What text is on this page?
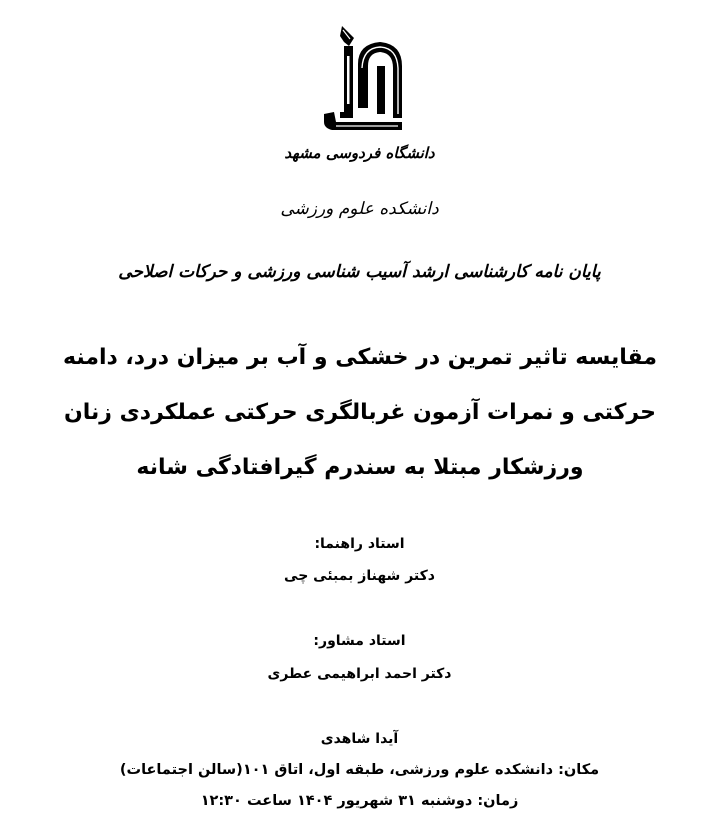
دانشگاه فردوسی مشهد
دانشکده علوم ورزشی
پایان نامه کارشناسی ارشد آسیب شناسی ورزشی و حرکات اصلاحی
مقایسه تاثیر تمرین در خشکی و آب بر میزان درد، دامنه
حرکتی و نمرات آزمون غربالگری حرکتی عملکردی زنان
ورزشکار مبتلا به سندرم گیرافتادگی شانه
استاد راهنما:
دکتر شهناز بمبئی چی
استاد مشاور:
دکتر احمد ابراهیمی عطری
آیدا شاهدی
مکان: دانشکده علوم ورزشی، طبقه اول، اتاق ۱۰۱(سالن اجتماعات)
زمان: دوشنبه ۳۱ شهریور ۱۴۰۴ ساعت ۱۲:۳۰
